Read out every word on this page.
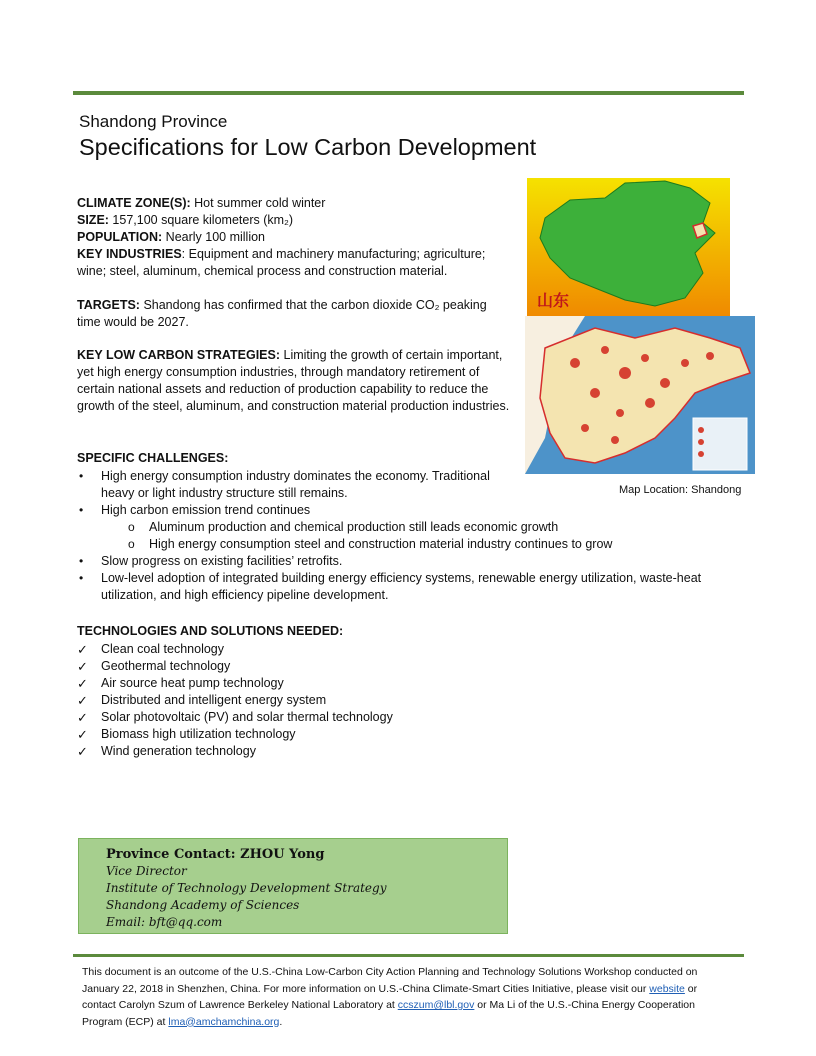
Shandong Province
Specifications for Low Carbon Development
CLIMATE ZONE(S): Hot summer cold winter
SIZE: 157,100 square kilometers (km₂)
POPULATION: Nearly 100 million
KEY INDUSTRIES: Equipment and machinery manufacturing; agriculture; wine; steel, aluminum, chemical process and construction material.
TARGETS: Shandong has confirmed that the carbon dioxide CO₂ peaking time would be 2027.
KEY LOW CARBON STRATEGIES: Limiting the growth of certain important, yet high energy consumption industries, through mandatory retirement of certain national assets and reduction of production capability to reduce the growth of the steel, aluminum, and construction material production industries.
SPECIFIC CHALLENGES:
• High energy consumption industry dominates the economy. Traditional heavy or light industry structure still remains.
• High carbon emission trend continues
o Aluminum production and chemical production still leads economic growth
o High energy consumption steel and construction material industry continues to grow
• Slow progress on existing facilities’ retrofits.
• Low-level adoption of integrated building energy efficiency systems, renewable energy utilization, waste-heat utilization, and high efficiency pipeline development.
TECHNOLOGIES AND SOLUTIONS NEEDED:
✓ Clean coal technology
✓ Geothermal technology
✓ Air source heat pump technology
✓ Distributed and intelligent energy system
✓ Solar photovoltaic (PV) and solar thermal technology
✓ Biomass high utilization technology
✓ Wind generation technology
山东
Map Location: Shandong
Province Contact: ZHOU Yong
Vice Director
Institute of Technology Development Strategy
Shandong Academy of Sciences
Email: bft@qq.com
This document is an outcome of the U.S.-China Low-Carbon City Action Planning and Technology Solutions Workshop conducted on January 22, 2018 in Shenzhen, China. For more information on U.S.-China Climate-Smart Cities Initiative, please visit our website or contact Carolyn Szum of Lawrence Berkeley National Laboratory at ccszum@lbl.gov or Ma Li of the U.S.-China Energy Cooperation Program (ECP) at lma@amchamchina.org.
